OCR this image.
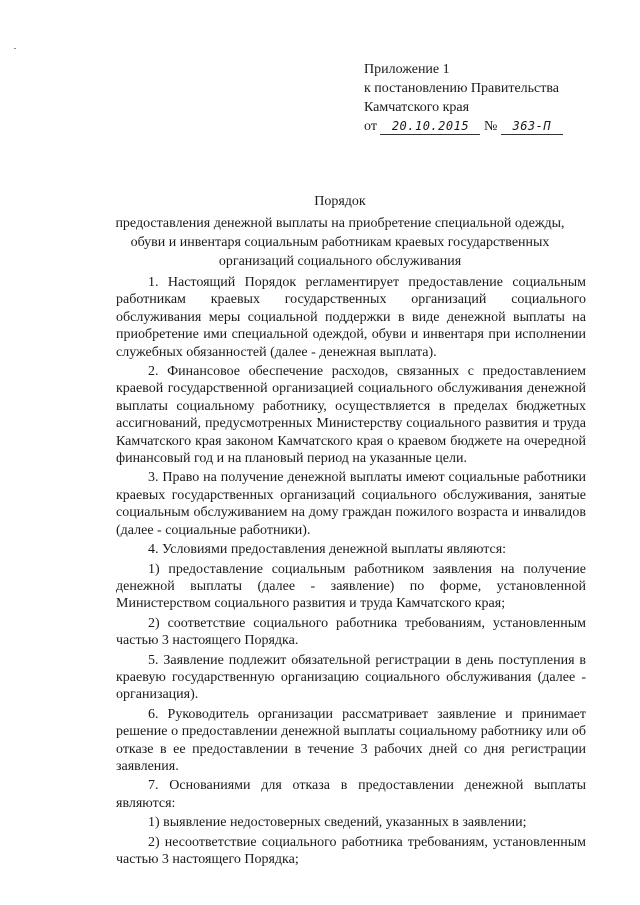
Приложение 1
к постановлению Правительства
Камчатского края
от 20.10.2015 № 363-П
Порядок
предоставления денежной выплаты на приобретение специальной одежды, обуви и инвентаря социальным работникам краевых государственных организаций социального обслуживания

1. Настоящий Порядок регламентирует предоставление социальным работникам краевых государственных организаций социального обслуживания меры социальной поддержки в виде денежной выплаты на приобретение ими специальной одеждой, обуви и инвентаря при исполнении служебных обязанностей (далее - денежная выплата).

2. Финансовое обеспечение расходов, связанных с предоставлением краевой государственной организацией социального обслуживания денежной выплаты социальному работнику, осуществляется в пределах бюджетных ассигнований, предусмотренных Министерству социального развития и труда Камчатского края законом Камчатского края о краевом бюджете на очередной финансовый год и на плановый период на указанные цели.

3. Право на получение денежной выплаты имеют социальные работники краевых государственных организаций социального обслуживания, занятые социальным обслуживанием на дому граждан пожилого возраста и инвалидов (далее - социальные работники).

4. Условиями предоставления денежной выплаты являются:

1) предоставление социальным работником заявления на получение денежной выплаты (далее - заявление) по форме, установленной Министерством социального развития и труда Камчатского края;

2) соответствие социального работника требованиям, установленным частью 3 настоящего Порядка.

5. Заявление подлежит обязательной регистрации в день поступления в краевую государственную организацию социального обслуживания (далее - организация).

6. Руководитель организации рассматривает заявление и принимает решение о предоставлении денежной выплаты социальному работнику или об отказе в ее предоставлении в течение 3 рабочих дней со дня регистрации заявления.

7. Основаниями для отказа в предоставлении денежной выплаты являются:

1) выявление недостоверных сведений, указанных в заявлении;

2) несоответствие социального работника требованиям, установленным частью 3 настоящего Порядка;
